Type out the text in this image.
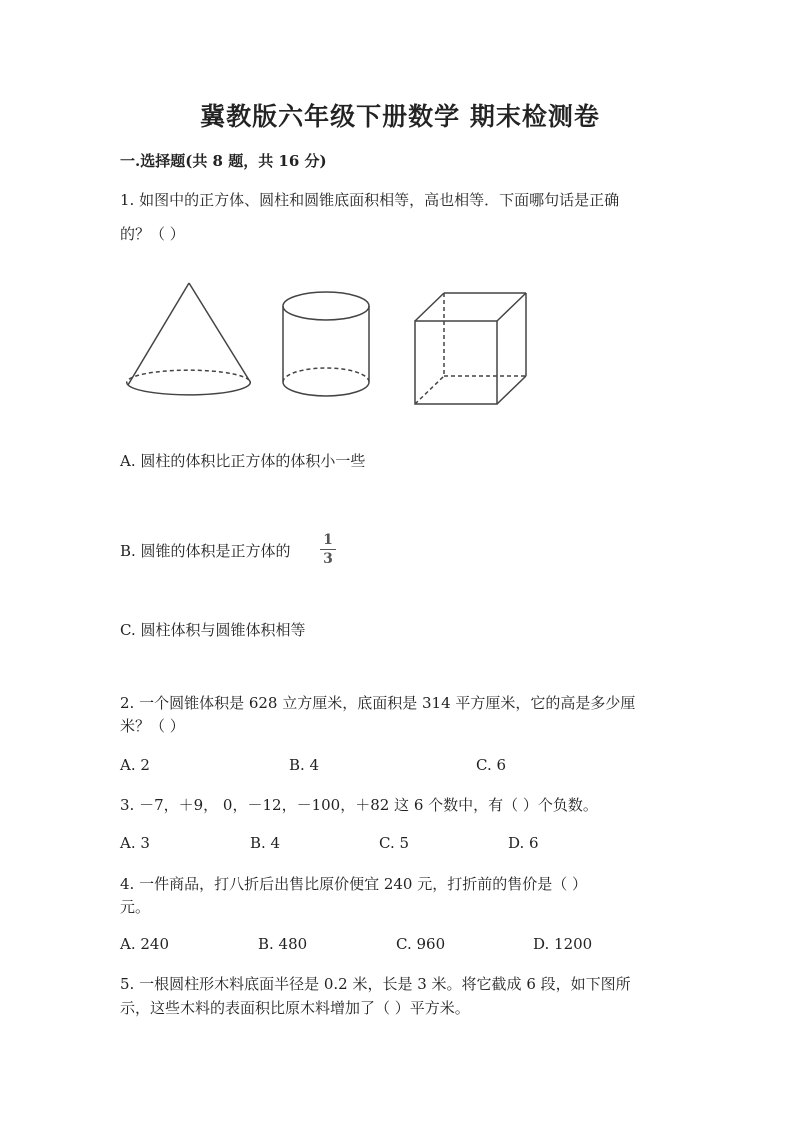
冀教版六年级下册数学 期末检测卷
一.选择题(共 8 题，共 16 分)
1. 如图中的正方体、圆柱和圆锥底面积相等，高也相等．下面哪句话是正确
的？（ ）
A. 圆柱的体积比正方体的体积小一些
B. 圆锥的体积是正方体的
1
3
C. 圆柱体积与圆锥体积相等
2. 一个圆锥体积是 628 立方厘米，底面积是 314 平方厘米，它的高是多少厘
米？（ ）
A. 2	B. 4	C. 6
3. －7，＋9， 0，－12，－100，＋82 这 6 个数中，有（ ）个负数。
A. 3	B. 4	C. 5	D. 6
4. 一件商品，打八折后出售比原价便宜 240 元，打折前的售价是（ ）
元。
A. 240	B. 480	C. 960	D. 1200
5. 一根圆柱形木料底面半径是 0.2 米，长是 3 米。将它截成 6 段，如下图所
示，这些木料的表面积比原木料增加了（ ）平方米。
